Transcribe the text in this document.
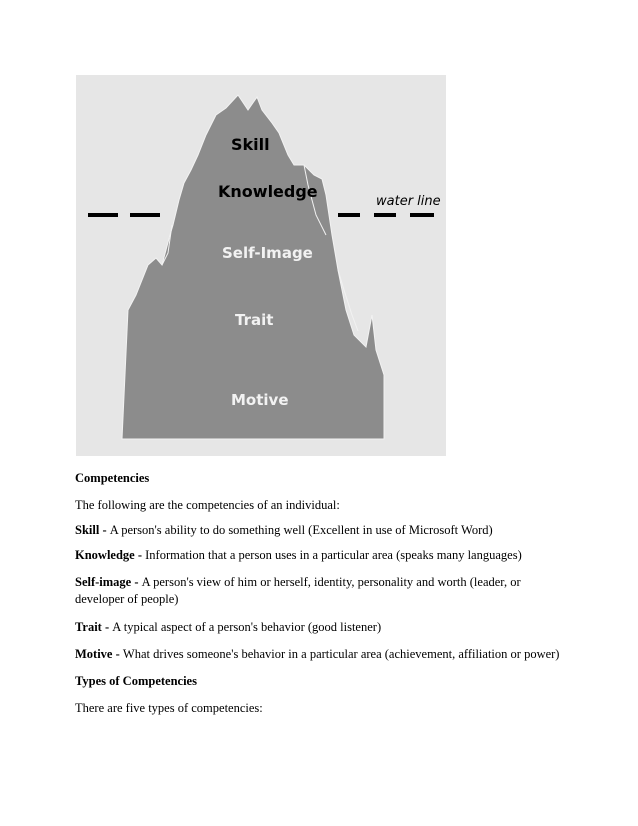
Skill
Knowledge
water line
Self-Image
Trait
Motive

Competencies

The following are the competencies of an individual:

Skill - A person's ability to do something well (Excellent in use of Microsoft Word)

Knowledge - Information that a person uses in a particular area (speaks many languages)

Self-image - A person's view of him or herself, identity, personality and worth (leader, or developer of people)

Trait - A typical aspect of a person's behavior (good listener)

Motive - What drives someone's behavior in a particular area (achievement, affiliation or power)

Types of Competencies

There are five types of competencies:
